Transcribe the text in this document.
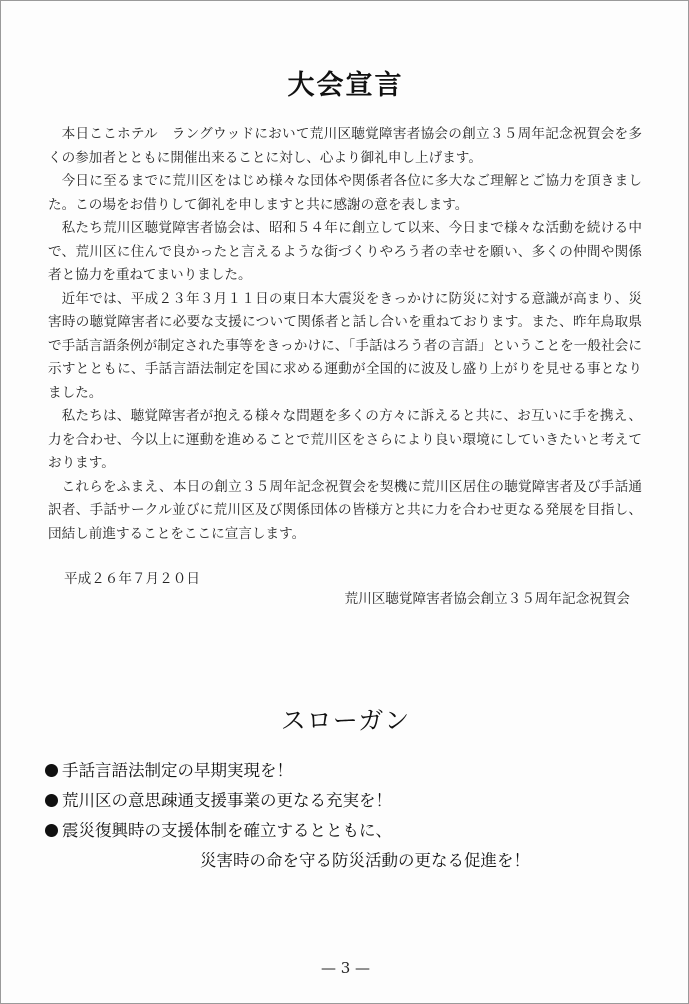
大会宣言

本日ここホテル　ラングウッドにおいて荒川区聴覚障害者協会の創立３５周年記念祝賀会を多くの参加者とともに開催出来ることに対し、心より御礼申し上げます。

今日に至るまでに荒川区をはじめ様々な団体や関係者各位に多大なご理解とご協力を頂きました。この場をお借りして御礼を申しますと共に感謝の意を表します。

私たち荒川区聴覚障害者協会は、昭和５４年に創立して以来、今日まで様々な活動を続ける中で、荒川区に住んで良かったと言えるような街づくりやろう者の幸せを願い、多くの仲間や関係者と協力を重ねてまいりました。

近年では、平成２３年３月１１日の東日本大震災をきっかけに防災に対する意識が高まり、災害時の聴覚障害者に必要な支援について関係者と話し合いを重ねております。また、昨年鳥取県で手話言語条例が制定された事等をきっかけに、「手話はろう者の言語」ということを一般社会に示すとともに、手話言語法制定を国に求める運動が全国的に波及し盛り上がりを見せる事となりました。

私たちは、聴覚障害者が抱える様々な問題を多くの方々に訴えると共に、お互いに手を携え、力を合わせ、今以上に運動を進めることで荒川区をさらにより良い環境にしていきたいと考えております。

これらをふまえ、本日の創立３５周年記念祝賀会を契機に荒川区居住の聴覚障害者及び手話通訳者、手話サークル並びに荒川区及び関係団体の皆様方と共に力を合わせ更なる発展を目指し、団結し前進することをここに宣言します。

平成２６年７月２０日
荒川区聴覚障害者協会創立３５周年記念祝賀会
スローガン
手話言語法制定の早期実現を！
荒川区の意思疎通支援事業の更なる充実を！
震災復興時の支援体制を確立するとともに、
災害時の命を守る防災活動の更なる促進を！
— 3 —
